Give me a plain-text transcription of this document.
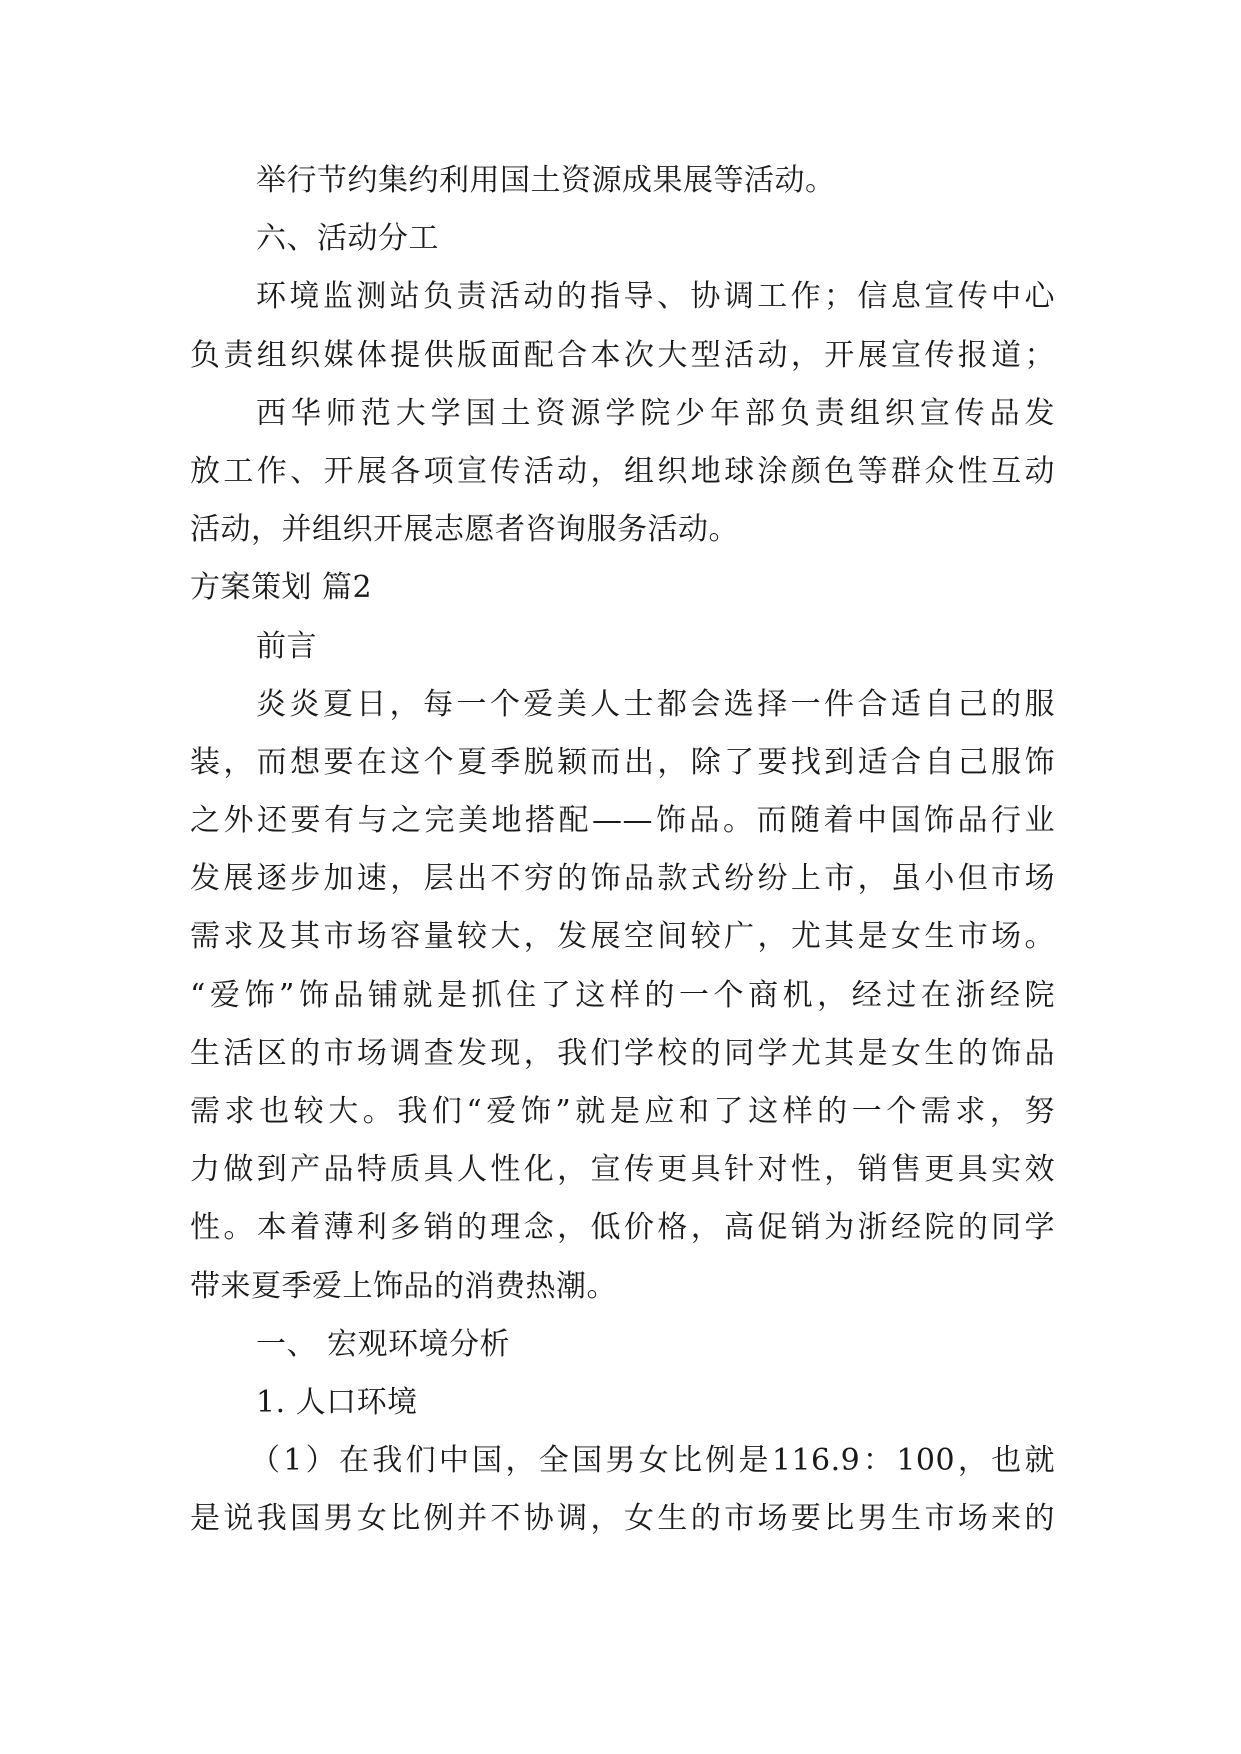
举行节约集约利用国土资源成果展等活动。
六、活动分工
环境监测站负责活动的指导、协调工作；信息宣传中心
负责组织媒体提供版面配合本次大型活动，开展宣传报道；
西华师范大学国土资源学院少年部负责组织宣传品发
放工作、开展各项宣传活动，组织地球涂颜色等群众性互动
活动，并组织开展志愿者咨询服务活动。
方案策划 篇2
前言
炎炎夏日，每一个爱美人士都会选择一件合适自己的服
装，而想要在这个夏季脱颖而出，除了要找到适合自己服饰
之外还要有与之完美地搭配——饰品。而随着中国饰品行业
发展逐步加速，层出不穷的饰品款式纷纷上市，虽小但市场
需求及其市场容量较大，发展空间较广，尤其是女生市场。
“爱饰”饰品铺就是抓住了这样的一个商机，经过在浙经院
生活区的市场调查发现，我们学校的同学尤其是女生的饰品
需求也较大。我们“爱饰”就是应和了这样的一个需求，努
力做到产品特质具人性化，宣传更具针对性，销售更具实效
性。本着薄利多销的理念，低价格，高促销为浙经院的同学
带来夏季爱上饰品的消费热潮。
一、 宏观环境分析
1. 人口环境
（1）在我们中国，全国男女比例是116.9：100，也就
是说我国男女比例并不协调，女生的市场要比男生市场来的
